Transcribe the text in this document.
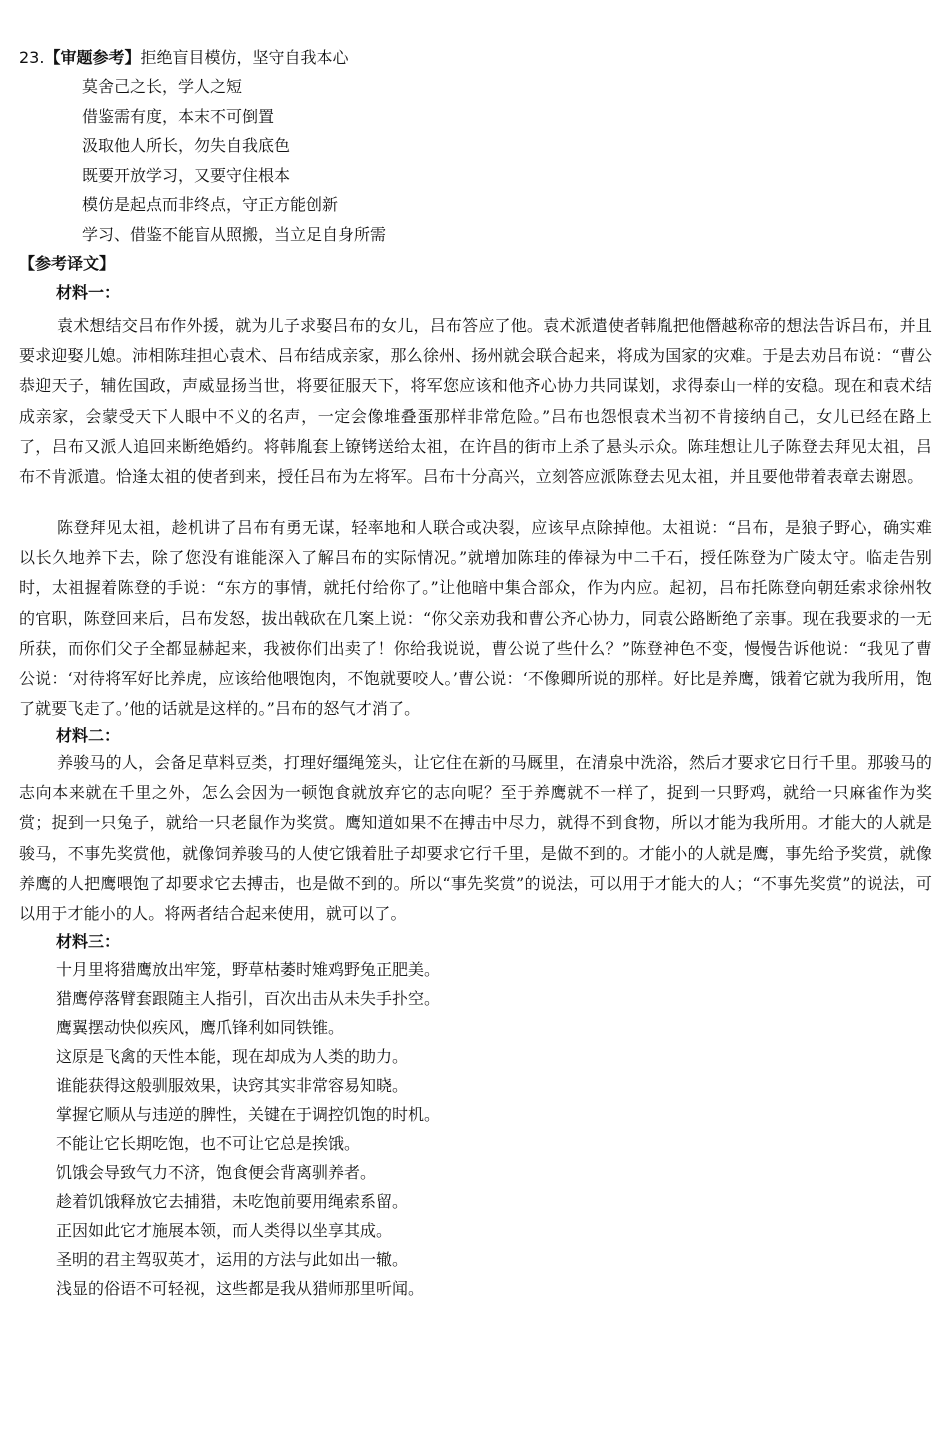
23.【审题参考】拒绝盲目模仿，坚守自我本心
莫舍己之长，学人之短
借鉴需有度，本末不可倒置
汲取他人所长，勿失自我底色
既要开放学习，又要守住根本
模仿是起点而非终点，守正方能创新
学习、借鉴不能盲从照搬，当立足自身所需
【参考译文】
材料一：
袁术想结交吕布作外援，就为儿子求娶吕布的女儿，吕布答应了他。袁术派遣使者韩胤把他僭越称帝的想法告诉吕布，并且要求迎娶儿媳。沛相陈珪担心袁术、吕布结成亲家，那么徐州、扬州就会联合起来，将成为国家的灾难。于是去劝吕布说：“曹公恭迎天子，辅佐国政，声威显扬当世，将要征服天下，将军您应该和他齐心协力共同谋划，求得泰山一样的安稳。现在和袁术结成亲家，会蒙受天下人眼中不义的名声，一定会像堆叠蛋那样非常危险。”吕布也怨恨袁术当初不肯接纳自己，女儿已经在路上了，吕布又派人追回来断绝婚约。将韩胤套上镣铐送给太祖，在许昌的街市上杀了悬头示众。陈珪想让儿子陈登去拜见太祖，吕布不肯派遣。恰逢太祖的使者到来，授任吕布为左将军。吕布十分高兴，立刻答应派陈登去见太祖，并且要他带着表章去谢恩。
陈登拜见太祖，趁机讲了吕布有勇无谋，轻率地和人联合或决裂，应该早点除掉他。太祖说：“吕布，是狼子野心，确实难以长久地养下去，除了您没有谁能深入了解吕布的实际情况。”就增加陈珪的俸禄为中二千石，授任陈登为广陵太守。临走告别时，太祖握着陈登的手说：“东方的事情，就托付给你了。”让他暗中集合部众，作为内应。起初，吕布托陈登向朝廷索求徐州牧的官职，陈登回来后，吕布发怒，拔出戟砍在几案上说：“你父亲劝我和曹公齐心协力，同袁公路断绝了亲事。现在我要求的一无所获，而你们父子全都显赫起来，我被你们出卖了！你给我说说，曹公说了些什么？”陈登神色不变，慢慢告诉他说：“我见了曹公说：‘对待将军好比养虎，应该给他喂饱肉，不饱就要咬人。’曹公说：‘不像卿所说的那样。好比是养鹰，饿着它就为我所用，饱了就要飞走了。’他的话就是这样的。”吕布的怒气才消了。
材料二：
养骏马的人，会备足草料豆类，打理好缰绳笼头，让它住在新的马厩里，在清泉中洗浴，然后才要求它日行千里。那骏马的志向本来就在千里之外，怎么会因为一顿饱食就放弃它的志向呢？至于养鹰就不一样了，捉到一只野鸡，就给一只麻雀作为奖赏；捉到一只兔子，就给一只老鼠作为奖赏。鹰知道如果不在搏击中尽力，就得不到食物，所以才能为我所用。才能大的人就是骏马，不事先奖赏他，就像饲养骏马的人使它饿着肚子却要求它行千里，是做不到的。才能小的人就是鹰，事先给予奖赏，就像养鹰的人把鹰喂饱了却要求它去搏击，也是做不到的。所以“事先奖赏”的说法，可以用于才能大的人；“不事先奖赏”的说法，可以用于才能小的人。将两者结合起来使用，就可以了。
材料三：
十月里将猎鹰放出牢笼，野草枯萎时雉鸡野兔正肥美。
猎鹰停落臂套跟随主人指引，百次出击从未失手扑空。
鹰翼摆动快似疾风，鹰爪锋利如同铁锥。
这原是飞禽的天性本能，现在却成为人类的助力。
谁能获得这般驯服效果，诀窍其实非常容易知晓。
掌握它顺从与违逆的脾性，关键在于调控饥饱的时机。
不能让它长期吃饱，也不可让它总是挨饿。
饥饿会导致气力不济，饱食便会背离驯养者。
趁着饥饿释放它去捕猎，未吃饱前要用绳索系留。
正因如此它才施展本领，而人类得以坐享其成。
圣明的君主驾驭英才，运用的方法与此如出一辙。
浅显的俗语不可轻视，这些都是我从猎师那里听闻。
